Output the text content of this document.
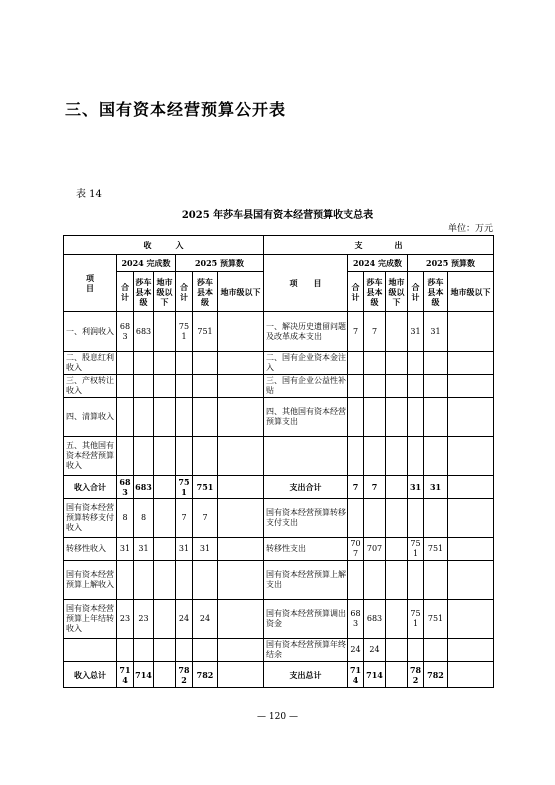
三、国有资本经营预算公开表
表 14
2025 年莎车县国有资本经营预算收支总表
单位：万元
收　　　入							支　　　　出						
项
目	2024 完成数			2025 预算数			项　　目	2024 完成数			2025 预算数		
	合计	莎车县本级	地市级以下	合计	莎车县本级	地市级以下		合计	莎车县本级	地市级以下	合计	莎车县本级	地市级以下
一、利润收入	683	683		751	751		一、解决历史遗留问题及改革成本支出	7	7		31	31	
二、股息红利收入							二、国有企业资本金注入						
三、产权转让收入							三、国有企业公益性补贴						
四、清算收入							四、其他国有资本经营预算支出						
五、其他国有资本经营预算收入													
收入合计	683	683		751	751		支出合计	7	7		31	31	
国有资本经营预算转移支付收入	8	8		7	7		国有资本经营预算转移支付支出						
转移性收入	31	31		31	31		转移性支出	707	707		751	751	
国有资本经营预算上解收入							国有资本经营预算上解支出						
国有资本经营预算上年结转收入	23	23		24	24		国有资本经营预算调出资金	683	683		751	751	
							国有资本经营预算年终结余	24	24				
收入总计	714	714		782	782		支出总计	714	714		782	782	
— 120 —
